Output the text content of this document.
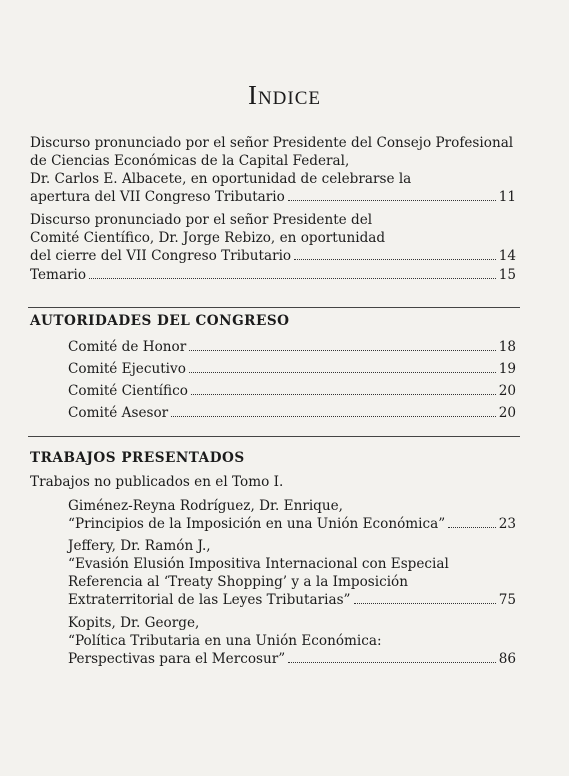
Indice
Discurso pronunciado por el señor Presidente del Consejo Profesional
de Ciencias Económicas de la Capital Federal,
Dr. Carlos E. Albacete, en oportunidad de celebrarse la
apertura del VII Congreso Tributario	11
Discurso pronunciado por el señor Presidente del
Comité Científico, Dr. Jorge Rebizo, en oportunidad
del cierre del VII Congreso Tributario	14
Temario	15
AUTORIDADES DEL CONGRESO
Comité de Honor	18
Comité Ejecutivo	19
Comité Científico	20
Comité Asesor	20
TRABAJOS PRESENTADOS
Trabajos no publicados en el Tomo I.
Giménez-Reyna Rodríguez, Dr. Enrique,
“Principios de la Imposición en una Unión Económica”	23
Jeffery, Dr. Ramón J.,
“Evasión Elusión Impositiva Internacional con Especial
Referencia al ‘Treaty Shopping’ y a la Imposición
Extraterritorial de las Leyes Tributarias”	75
Kopits, Dr. George,
“Política Tributaria en una Unión Económica:
Perspectivas para el Mercosur”	86
